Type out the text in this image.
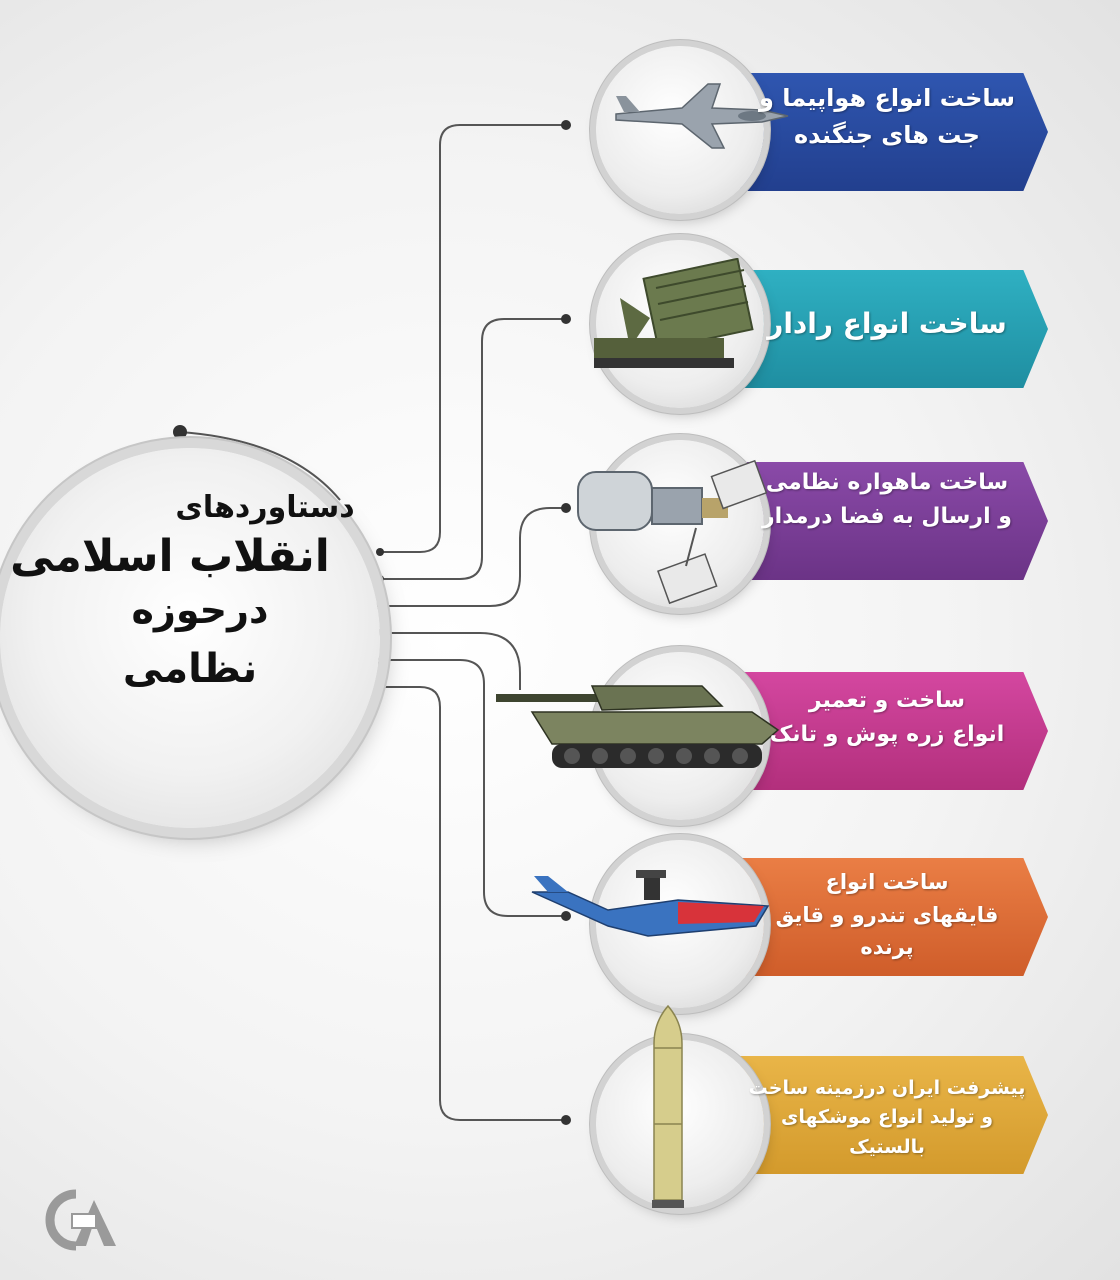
دستاوردهای
انقلاب اسلامی
درحوزه
نظامی
ساخت انواع هواپیما و
جت های جنگنده
ساخت انواع رادار
ساخت ماهواره نظامی
و ارسال به فضا درمدار
ساخت و تعمیر
انواع زره پوش و تانک
ساخت انواع
قایقهای تندرو و قایق پرنده
پیشرفت ایران درزمینه ساخت
و تولید انواع موشکهای بالستیک
